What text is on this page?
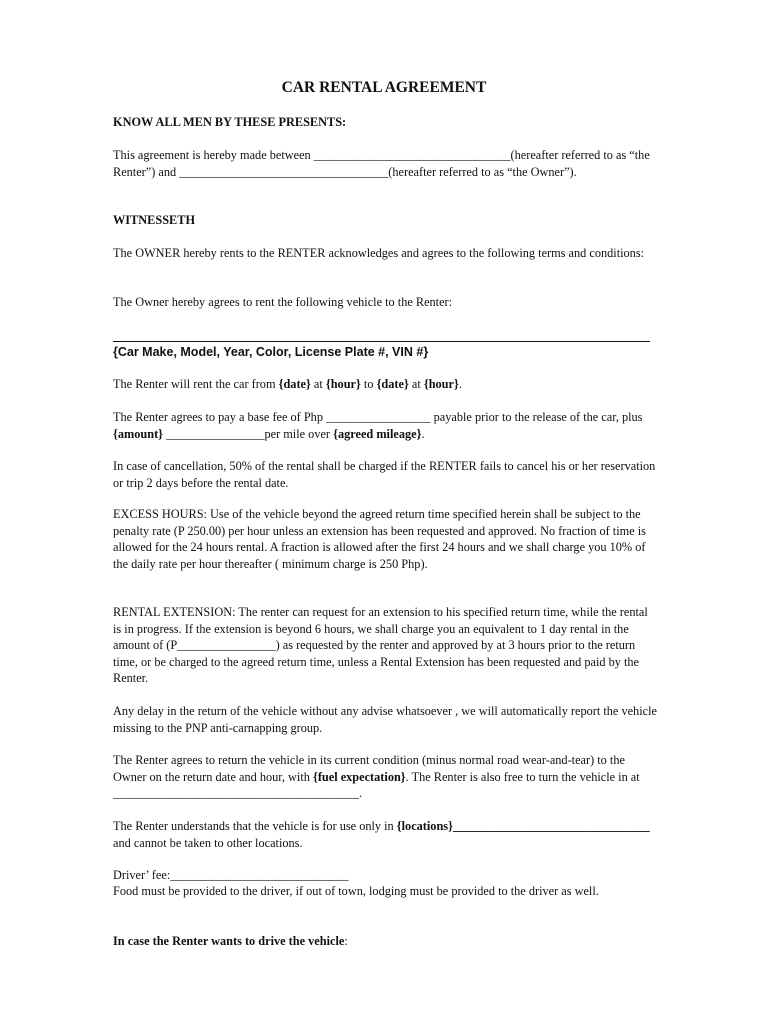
CAR RENTAL AGREEMENT

KNOW ALL MEN BY THESE PRESENTS:

This agreement is hereby made between ________________________________(hereafter referred to as “the Renter”) and __________________________________(hereafter referred to as “the Owner”).

WITNESSETH

The OWNER hereby rents to the RENTER acknowledges and agrees to the following terms and conditions:

The Owner hereby agrees to rent the following vehicle to the Renter:

{Car Make, Model, Year, Color, License Plate #, VIN #}

The Renter will rent the car from {date} at {hour} to {date} at {hour}.

The Renter agrees to pay a base fee of Php _________________ payable prior to the release of the car, plus {amount} ________________per mile over {agreed mileage}.

In case of cancellation, 50% of the rental shall be charged if the RENTER fails to cancel his or her reservation or trip 2 days before the rental date.

EXCESS HOURS: Use of the vehicle beyond the agreed return time specified herein shall be subject to the penalty rate (P 250.00) per hour unless an extension has been requested and approved. No fraction of time is allowed for the 24 hours rental. A fraction is allowed after the first 24 hours and we shall charge you 10% of the daily rate per hour thereafter ( minimum charge is 250 Php).

RENTAL EXTENSION: The renter can request for an extension to his specified return time, while the rental is in progress. If the extension is beyond 6 hours, we shall charge you an equivalent to 1 day rental in the amount of (P________________) as requested by the renter and approved by at 3 hours prior to the return time, or be charged to the agreed return time, unless a Rental Extension has been requested and paid by the Renter.

Any delay in the return of the vehicle without any advise whatsoever , we will automatically report the vehicle missing to the PNP anti-carnapping group.

The Renter agrees to return the vehicle in its current condition (minus normal road wear-and-tear) to the Owner on the return date and hour, with {fuel expectation}. The Renter is also free to turn the vehicle in at ________________________________________.

The Renter understands that the vehicle is for use only in {locations}________________________________ and cannot be taken to other locations.

Driver’ fee:_____________________________

Food must be provided to the driver, if out of town, lodging must be provided to the driver as well.

In case the Renter wants to drive the vehicle:
